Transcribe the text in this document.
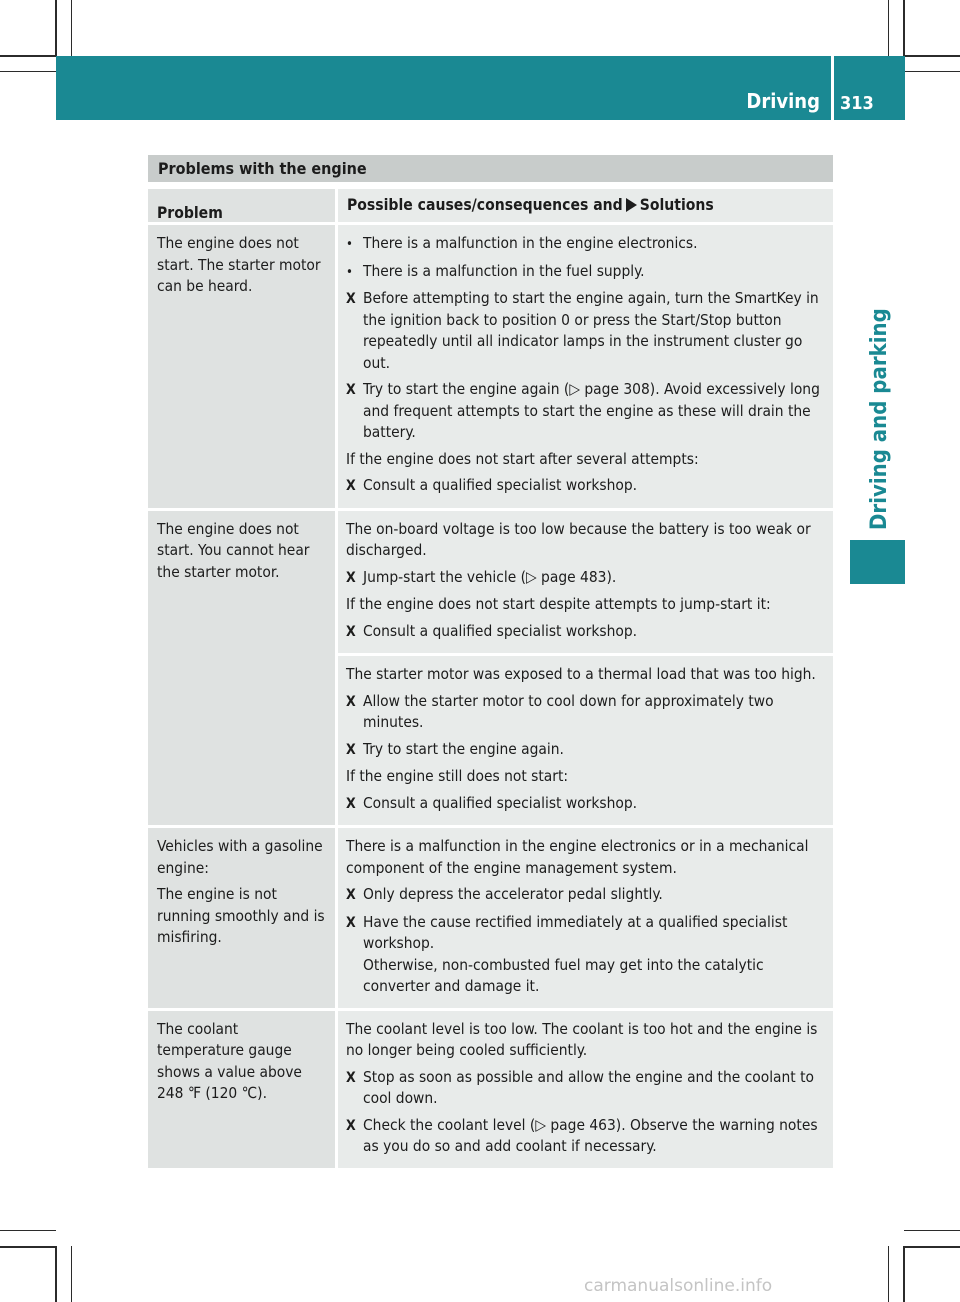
Driving 313
Driving and parking
Problems with the engine
Problem	Possible causes/consequences and Solutions
The engine does not start. The starter motor can be heard.
• There is a malfunction in the engine electronics.
• There is a malfunction in the fuel supply.
X Before attempting to start the engine again, turn the SmartKey in the ignition back to position 0 or press the Start/Stop button repeatedly until all indicator lamps in the instrument cluster go out.
X Try to start the engine again (▷ page 308). Avoid excessively long and frequent attempts to start the engine as these will drain the battery.
If the engine does not start after several attempts:
X Consult a qualified specialist workshop.
The engine does not start. You cannot hear the starter motor.
The on-board voltage is too low because the battery is too weak or discharged.
X Jump-start the vehicle (▷ page 483).
If the engine does not start despite attempts to jump-start it:
X Consult a qualified specialist workshop.
The starter motor was exposed to a thermal load that was too high.
X Allow the starter motor to cool down for approximately two minutes.
X Try to start the engine again.
If the engine still does not start:
X Consult a qualified specialist workshop.
Vehicles with a gasoline engine:
The engine is not running smoothly and is misfiring.
There is a malfunction in the engine electronics or in a mechanical component of the engine management system.
X Only depress the accelerator pedal slightly.
X Have the cause rectified immediately at a qualified specialist workshop.
Otherwise, non-combusted fuel may get into the catalytic converter and damage it.
The coolant temperature gauge shows a value above 248 ℉ (120 ℃).
The coolant level is too low. The coolant is too hot and the engine is no longer being cooled sufficiently.
X Stop as soon as possible and allow the engine and the coolant to cool down.
X Check the coolant level (▷ page 463). Observe the warning notes as you do so and add coolant if necessary.
carmanualsonline.info
